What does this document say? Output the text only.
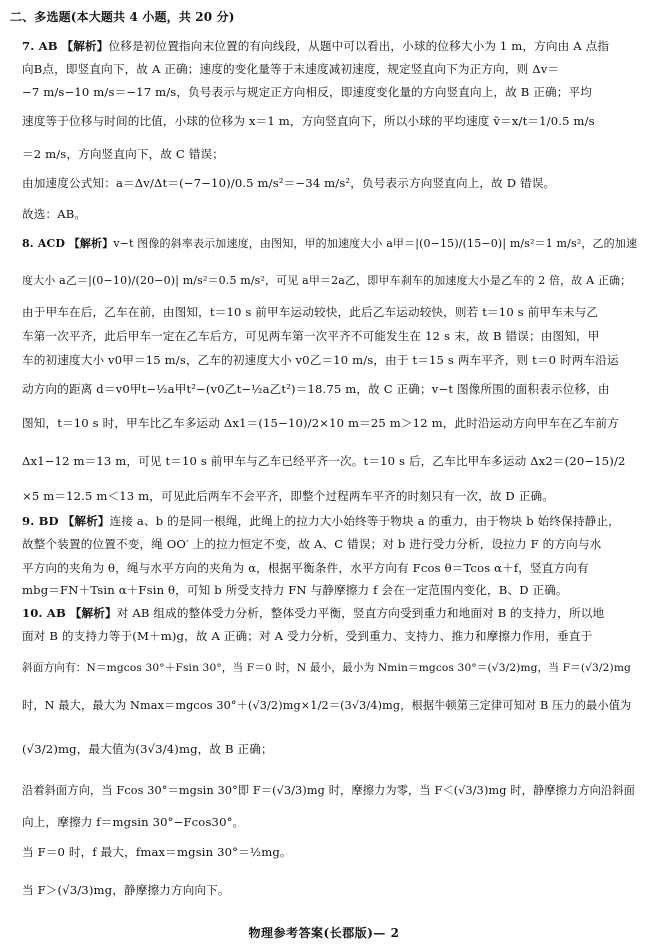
二、多选题(本大题共 4 小题，共 20 分)
7. AB 【解析】位移是初位置指向末位置的有向线段，从题中可以看出，小球的位移大小为 1 m，方向由 A 点指
向B点，即竖直向下，故 A 正确；速度的变化量等于末速度减初速度，规定竖直向下为正方向，则 Δv＝
−7 m/s−10 m/s＝−17 m/s，负号表示与规定正方向相反，即速度变化量的方向竖直向上，故 B 正确；平均
速度等于位移与时间的比值，小球的位移为 x＝1 m，方向竖直向下，所以小球的平均速度 v̄＝x/t＝1/0.5 m/s
＝2 m/s，方向竖直向下，故 C 错误；
由加速度公式知：a＝Δv/Δt＝(−7−10)/0.5 m/s²＝−34 m/s²，负号表示方向竖直向上，故 D 错误。
故选：AB。
8. ACD 【解析】v−t 图像的斜率表示加速度，由图知，甲的加速度大小 a甲＝|(0−15)/(15−0)| m/s²＝1 m/s²，乙的加速
度大小 a乙＝|(0−10)/(20−0)| m/s²＝0.5 m/s²，可见 a甲＝2a乙，即甲车刹车的加速度大小是乙车的 2 倍，故 A 正确；
由于甲车在后，乙车在前，由图知，t＝10 s 前甲车运动较快，此后乙车运动较快，则若 t＝10 s 前甲车未与乙
车第一次平齐，此后甲车一定在乙车后方，可见两车第一次平齐不可能发生在 12 s 末，故 B 错误；由图知，甲
车的初速度大小 v0甲＝15 m/s，乙车的初速度大小 v0乙＝10 m/s，由于 t＝15 s 两车平齐，则 t＝0 时两车沿运
动方向的距离 d＝v0甲t−½a甲t²−(v0乙t−½a乙t²)＝18.75 m，故 C 正确；v−t 图像所围的面积表示位移，由
图知，t＝10 s 时，甲车比乙车多运动 Δx1＝(15−10)/2×10 m＝25 m＞12 m，此时沿运动方向甲车在乙车前方
Δx1−12 m＝13 m，可见 t＝10 s 前甲车与乙车已经平齐一次。t＝10 s 后，乙车比甲车多运动 Δx2＝(20−15)/2
×5 m＝12.5 m＜13 m，可见此后两车不会平齐，即整个过程两车平齐的时刻只有一次，故 D 正确。
9. BD 【解析】连接 a、b 的是同一根绳，此绳上的拉力大小始终等于物块 a 的重力，由于物块 b 始终保持静止，
故整个装置的位置不变，绳 OO′ 上的拉力恒定不变，故 A、C 错误；对 b 进行受力分析，设拉力 F 的方向与水
平方向的夹角为 θ，绳与水平方向的夹角为 α，根据平衡条件，水平方向有 Fcos θ＝Tcos α＋f，竖直方向有
mbg＝FN＋Tsin α＋Fsin θ，可知 b 所受支持力 FN 与静摩擦力 f 会在一定范围内变化，B、D 正确。
10. AB 【解析】对 AB 组成的整体受力分析，整体受力平衡，竖直方向受到重力和地面对 B 的支持力，所以地
面对 B 的支持力等于(M＋m)g，故 A 正确；对 A 受力分析，受到重力、支持力、推力和摩擦力作用，垂直于
斜面方向有：N＝mgcos 30°＋Fsin 30°，当 F＝0 时，N 最小，最小为 Nmin＝mgcos 30°＝(√3/2)mg，当 F＝(√3/2)mg
时，N 最大，最大为 Nmax＝mgcos 30°＋(√3/2)mg×1/2＝(3√3/4)mg，根据牛顿第三定律可知对 B 压力的最小值为
(√3/2)mg，最大值为(3√3/4)mg，故 B 正确；
沿着斜面方向，当 Fcos 30°＝mgsin 30°即 F＝(√3/3)mg 时，摩擦力为零，当 F＜(√3/3)mg 时，静摩擦力方向沿斜面
向上，摩擦力 f＝mgsin 30°−Fcos30°。
当 F＝0 时，f 最大，fmax＝mgsin 30°＝½mg。
当 F＞(√3/3)mg，静摩擦力方向向下。
物理参考答案(长郡版)— 2
